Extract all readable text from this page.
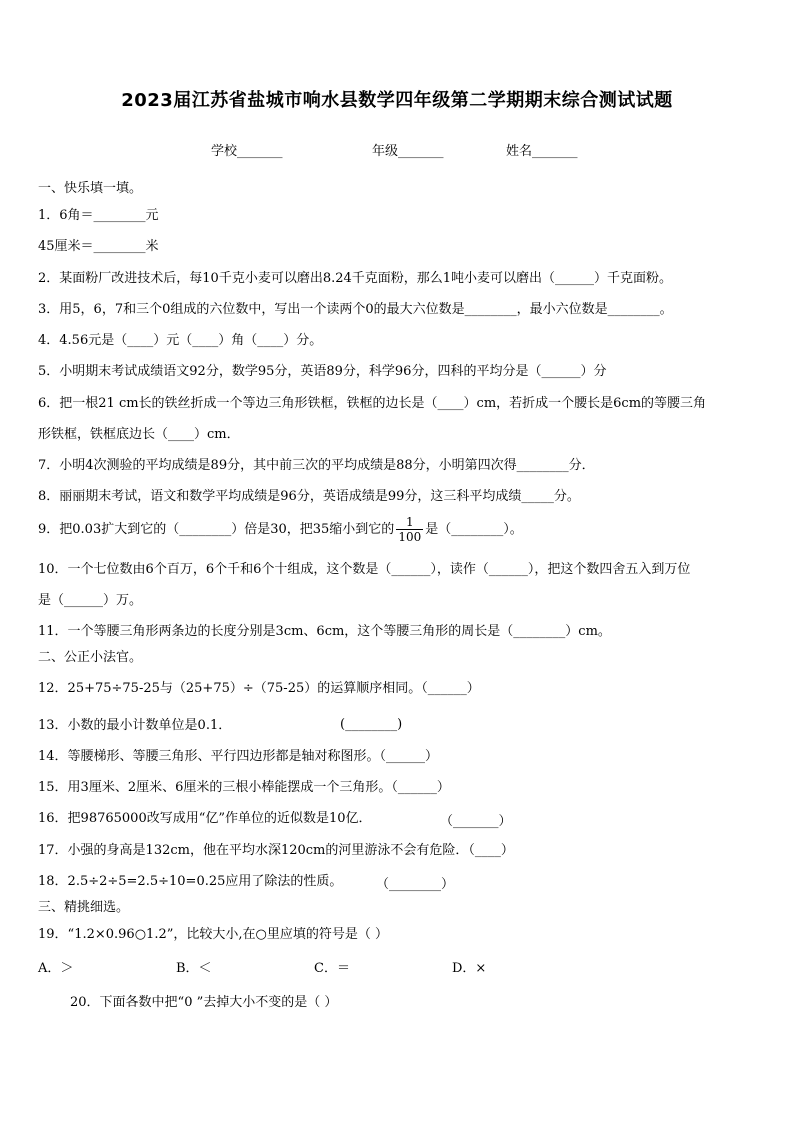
2023届江苏省盐城市响水县数学四年级第二学期期末综合测试试题
学校_______	年级_______	姓名_______
一、快乐填一填。
1．6角＝________元
45厘米＝________米
2．某面粉厂改进技术后，每10千克小麦可以磨出8.24千克面粉，那么1吨小麦可以磨出（______）千克面粉。
3．用5，6，7和三个0组成的六位数中，写出一个读两个0的最大六位数是________，最小六位数是________。
4．4.56元是（____）元（____）角（____）分。
5．小明期末考试成绩语文92分，数学95分，英语89分，科学96分，四科的平均分是（______）分
6．把一根21 cm长的铁丝折成一个等边三角形铁框，铁框的边长是（____）cm，若折成一个腰长是6cm的等腰三角
形铁框，铁框底边长（____）cm．
7．小明4次测验的平均成绩是89分，其中前三次的平均成绩是88分，小明第四次得________分．
8．丽丽期末考试，语文和数学平均成绩是96分，英语成绩是99分，这三科平均成绩_____分。
9．把0.03扩大到它的（________）倍是30，把35缩小到它的 $\frac{1}{100}$ 是（________）。
10．一个七位数由6个百万，6个千和6个十组成，这个数是（______），读作（______），把这个数四舍五入到万位
是（______）万。
11．一个等腰三角形两条边的长度分别是3cm、6cm，这个等腰三角形的周长是（________）cm。
二、公正小法官。
12．25+75÷75-25与（25+75）÷（75-25）的运算顺序相同。（______）
13．小数的最小计数单位是0.1．	(________)
14．等腰梯形、等腰三角形、平行四边形都是轴对称图形。（______）
15．用3厘米、2厘米、6厘米的三根小棒能摆成一个三角形。（______）
16．把98765000改写成用“亿”作单位的近似数是10亿．	（_______）
17．小强的身高是132cm，他在平均水深120cm的河里游泳不会有危险．（____）
18．2.5÷2÷5=2.5÷10=0.25应用了除法的性质。	（________）
三、精挑细选。
19．“1.2×0.96○1.2”，比较大小,在○里应填的符号是（ ）
A．＞	B．＜	C．＝	D．×
20．下面各数中把“0 ”去掉大小不变的是（ ）
